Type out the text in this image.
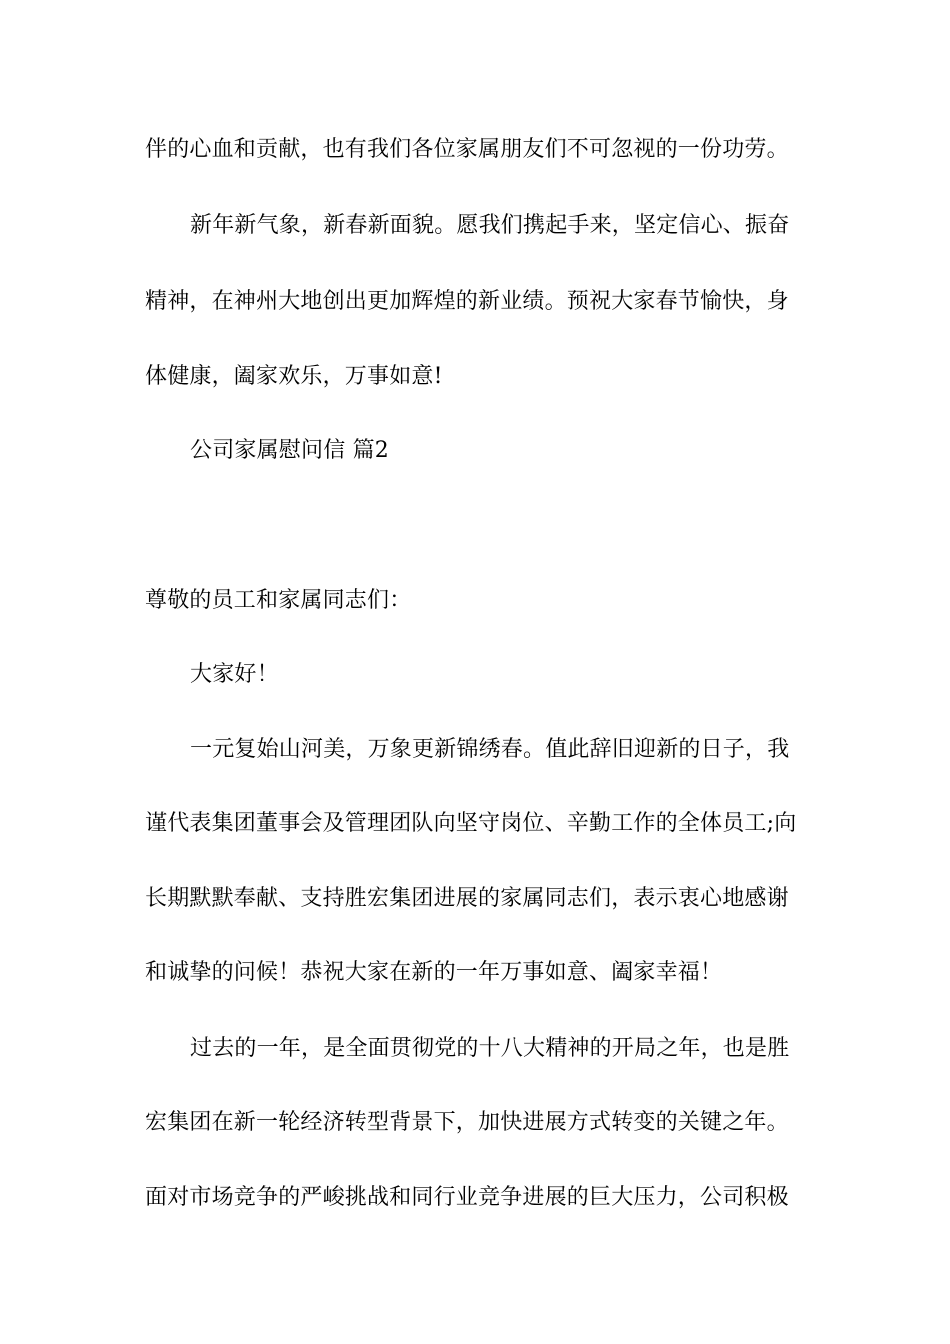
伴的心血和贡献，也有我们各位家属朋友们不可忽视的一份功劳。
新年新气象，新春新面貌。愿我们携起手来，坚定信心、振奋
精神，在神州大地创出更加辉煌的新业绩。预祝大家春节愉快，身
体健康，阖家欢乐，万事如意!
公司家属慰问信 篇2
尊敬的员工和家属同志们：
大家好！
一元复始山河美，万象更新锦绣春。值此辞旧迎新的日子，我
谨代表集团董事会及管理团队向坚守岗位、辛勤工作的全体员工;向
长期默默奉献、支持胜宏集团进展的家属同志们，表示衷心地感谢
和诚挚的问候！恭祝大家在新的一年万事如意、阖家幸福！
过去的一年，是全面贯彻党的十八大精神的开局之年，也是胜
宏集团在新一轮经济转型背景下，加快进展方式转变的关键之年。
面对市场竞争的严峻挑战和同行业竞争进展的巨大压力，公司积极
